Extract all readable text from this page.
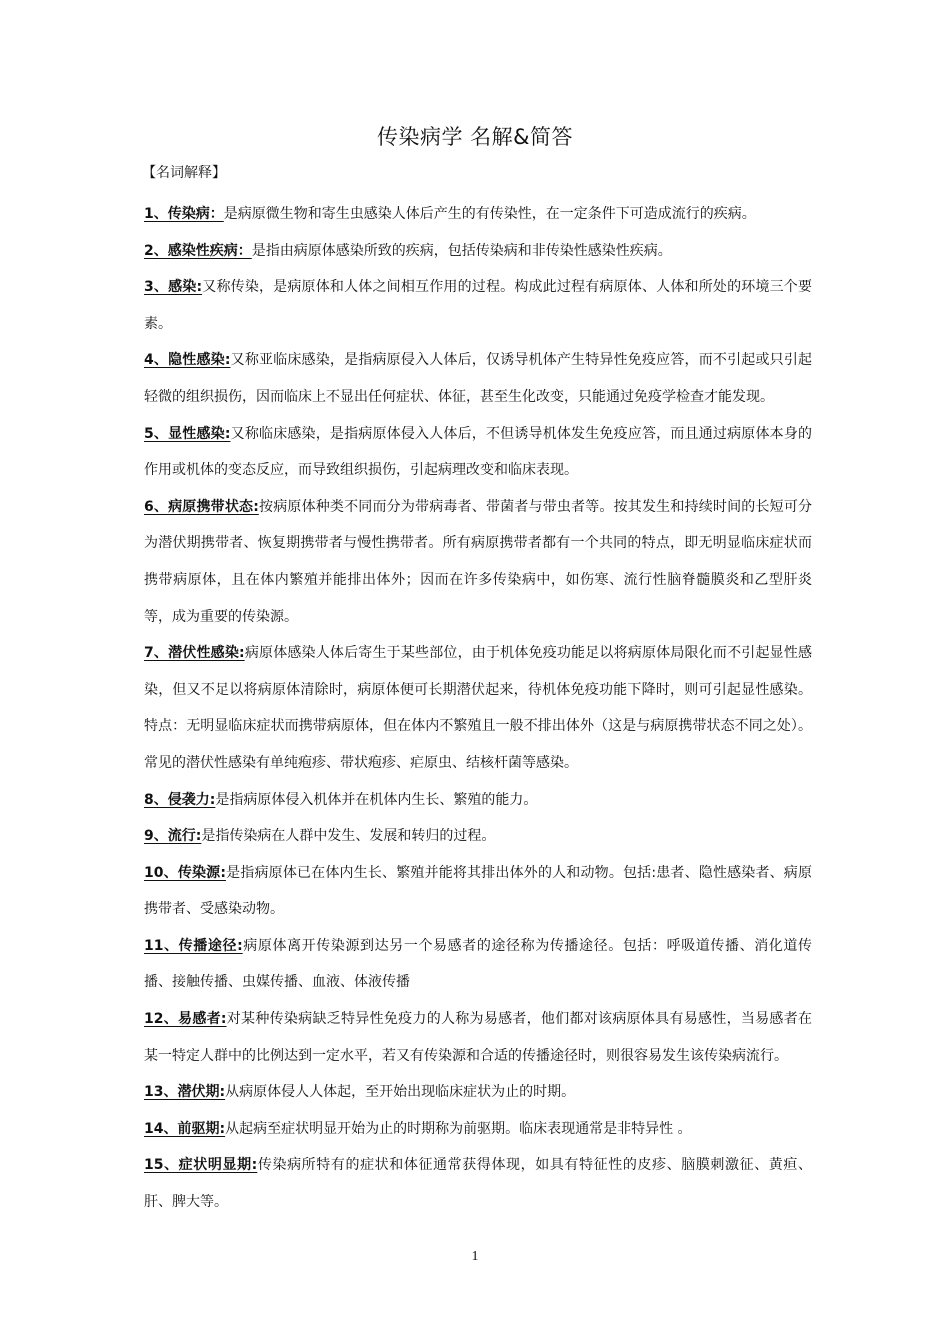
传染病学 名解&简答
【名词解释】

1、传染病：是病原微生物和寄生虫感染人体后产生的有传染性，在一定条件下可造成流行的疾病。

2、感染性疾病：是指由病原体感染所致的疾病，包括传染病和非传染性感染性疾病。

3、感染:又称传染，是病原体和人体之间相互作用的过程。构成此过程有病原体、人体和所处的环境三个要素。

4、隐性感染:又称亚临床感染，是指病原侵入人体后，仅诱导机体产生特异性免疫应答，而不引起或只引起轻微的组织损伤，因而临床上不显出任何症状、体征，甚至生化改变，只能通过免疫学检查才能发现。

5、显性感染:又称临床感染，是指病原体侵入人体后，不但诱导机体发生免疫应答，而且通过病原体本身的作用或机体的变态反应，而导致组织损伤，引起病理改变和临床表现。

6、病原携带状态:按病原体种类不同而分为带病毒者、带菌者与带虫者等。按其发生和持续时间的长短可分为潜伏期携带者、恢复期携带者与慢性携带者。所有病原携带者都有一个共同的特点，即无明显临床症状而携带病原体，且在体内繁殖并能排出体外；因而在许多传染病中，如伤寒、流行性脑脊髓膜炎和乙型肝炎等，成为重要的传染源。

7、潜伏性感染:病原体感染人体后寄生于某些部位，由于机体免疫功能足以将病原体局限化而不引起显性感染，但又不足以将病原体清除时，病原体便可长期潜伏起来，待机体免疫功能下降时，则可引起显性感染。特点：无明显临床症状而携带病原体，但在体内不繁殖且一般不排出体外（这是与病原携带状态不同之处）。常见的潜伏性感染有单纯疱疹、带状疱疹、疟原虫、结核杆菌等感染。

8、侵袭力:是指病原体侵入机体并在机体内生长、繁殖的能力。

9、流行:是指传染病在人群中发生、发展和转归的过程。

10、传染源:是指病原体已在体内生长、繁殖并能将其排出体外的人和动物。包括:患者、隐性感染者、病原携带者、受感染动物。

11、传播途径:病原体离开传染源到达另一个易感者的途径称为传播途径。包括：呼吸道传播、消化道传播、接触传播、虫媒传播、血液、体液传播

12、易感者:对某种传染病缺乏特异性免疫力的人称为易感者，他们都对该病原体具有易感性，当易感者在某一特定人群中的比例达到一定水平，若又有传染源和合适的传播途径时，则很容易发生该传染病流行。

13、潜伏期:从病原体侵人人体起，至开始出现临床症状为止的时期。

14、前驱期:从起病至症状明显开始为止的时期称为前驱期。临床表现通常是非特异性 。

15、症状明显期:传染病所特有的症状和体征通常获得体现，如具有特征性的皮疹、脑膜刺激征、黄疸、肝、脾大等。

1
